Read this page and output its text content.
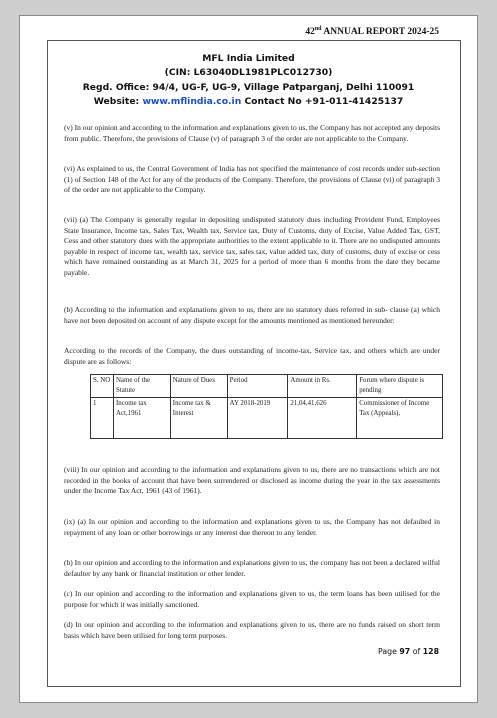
42nd ANNUAL REPORT 2024-25
MFL India Limited
(CIN: L63040DL1981PLC012730)
Regd. Office: 94/4, UG-F, UG-9, Village Patparganj, Delhi 110091
Website: www.mflindia.co.in Contact No +91-011-41425137

(v) In our opinion and according to the information and explanations given to us, the Company has not accepted any deposits from public. Therefore, the provisions of Clause (v) of paragraph 3 of the order are not applicable to the Company.

(vi) As explained to us, the Central Government of India has not specified the maintenance of cost records under sub-section (1) of Section 148 of the Act for any of the products of the Company. Therefore, the provisions of Clause (vi) of paragraph 3 of the order are not applicable to the Company.

(vii) (a) The Company is generally regular in depositing undisputed statutory dues including Provident Fund, Employees State Insurance, Income tax, Sales Tax, Wealth tax, Service tax, Duty of Customs, duty of Excise, Value Added Tax, GST, Cess and other statutory dues with the appropriate authorities to the extent applicable to it. There are no undisputed amounts payable in respect of income tax, wealth tax, service tax, sales tax, value added tax, duty of customs, duty of excise or cess which have remained outstanding as at March 31, 2025 for a period of more than 6 months from the date they became payable.

(b) According to the information and explanations given to us, there are no statutory dues referred in sub- clause (a) which have not been deposited on account of any dispute except for the amounts mentioned as mentioned hereunder:

According to the records of the Company, the dues outstanding of income-tax, Service tax, and others which are under dispute are as follows:

S. NO	Name of the Statute	Nature of Dues	Period	Amount in Rs.	Forum where dispute is pending
1	Income tax Act,1961	Income tax & Interest	AY 2018-2019	21,04,41,626	Commissioner of Income Tax (Appeals),

(viii) In our opinion and according to the information and explanations given to us, there are no transactions which are not recorded in the books of account that have been surrendered or disclosed as income during the year in the tax assessments under the Income Tax Act, 1961 (43 of 1961).

(ix) (a) In our opinion and according to the information and explanations given to us, the Company has not defaulted in repayment of any loan or other borrowings or any interest due thereon to any lender.

(b) In our opinion and according to the information and explanations given to us, the company has not been a declared wilful defaulter by any bank or financial institution or other lender.

(c) In our opinion and according to the information and explanations given to us, the term loans has been utilised for the purpose for which it was initially sanctioned.

(d) In our opinion and according to the information and explanations given to us, there are no funds raised on short term basis which have been utilised for long term purposes.

Page 97 of 128
